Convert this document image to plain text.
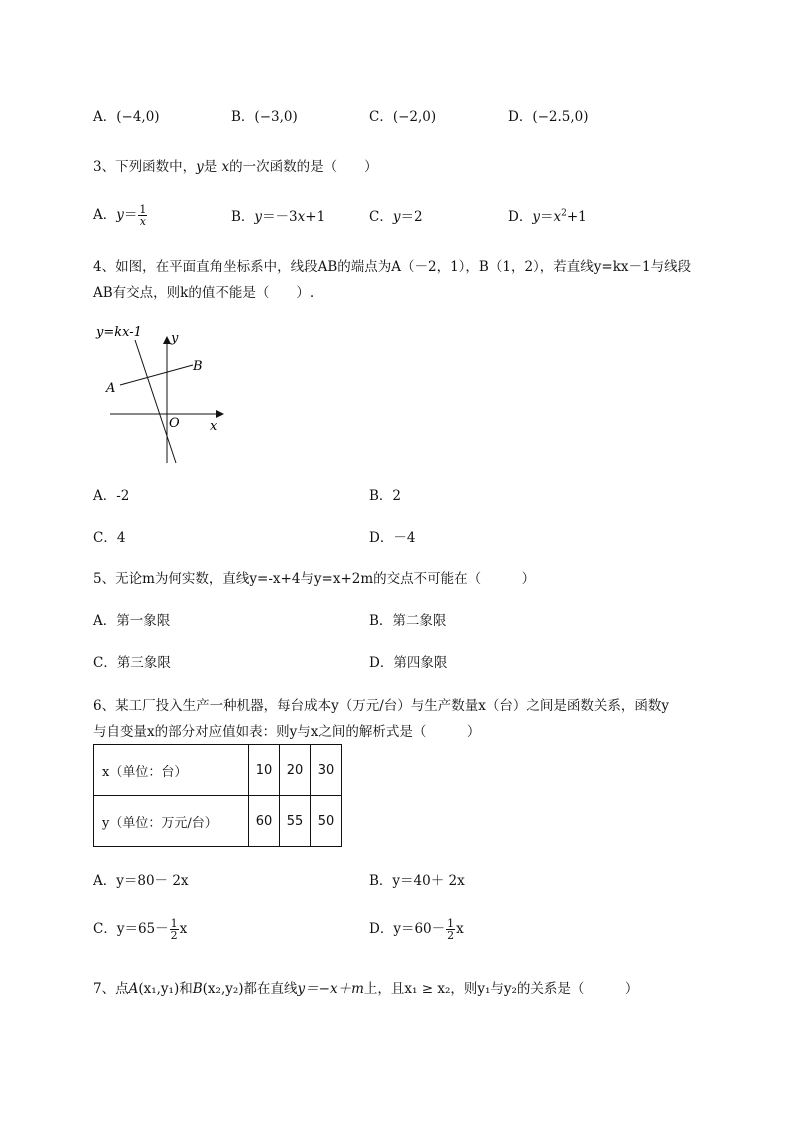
A．(−4,0)	B．(−3,0)	C．(−2,0)	D．(−2.5,0)
3、下列函数中，y是 x的一次函数的是（　　）
A．$y= \frac{1}{x}$	B．y＝－3x+1	C．y＝2	D．$y=x^2+1$
4、如图，在平面直角坐标系中，线段AB的端点为A（－2，1），B（1，2），若直线y=kx－1与线段
AB有交点，则k的值不能是（　　）.
y=kx-1 y
x
A
B
O
A．-2	B．2
C．4	D．－4
5、无论m为何实数，直线y=-x+4与y=x+2m的交点不可能在（　　　）
A．第一象限	B．第二象限
C．第三象限	D．第四象限
6、某工厂投入生产一种机器，每台成本y（万元/台）与生产数量x（台）之间是函数关系，函数y
与自变量x的部分对应值如表：则y与x之间的解析式是（　　　）
x（单位：台）	10	20	30
y（单位：万元/台）	60	55	50
A．y＝80－ 2x	B．y＝40＋ 2x
C．$y=65- \frac{1}{2}$ x	D．$y=60- \frac{1}{2}$ x
7、点A(x₁,y₁)和B(x₂,y₂)都在直线y＝−x＋m上，且x₁ ≥ x₂，则y₁与y₂的关系是（　　　）
